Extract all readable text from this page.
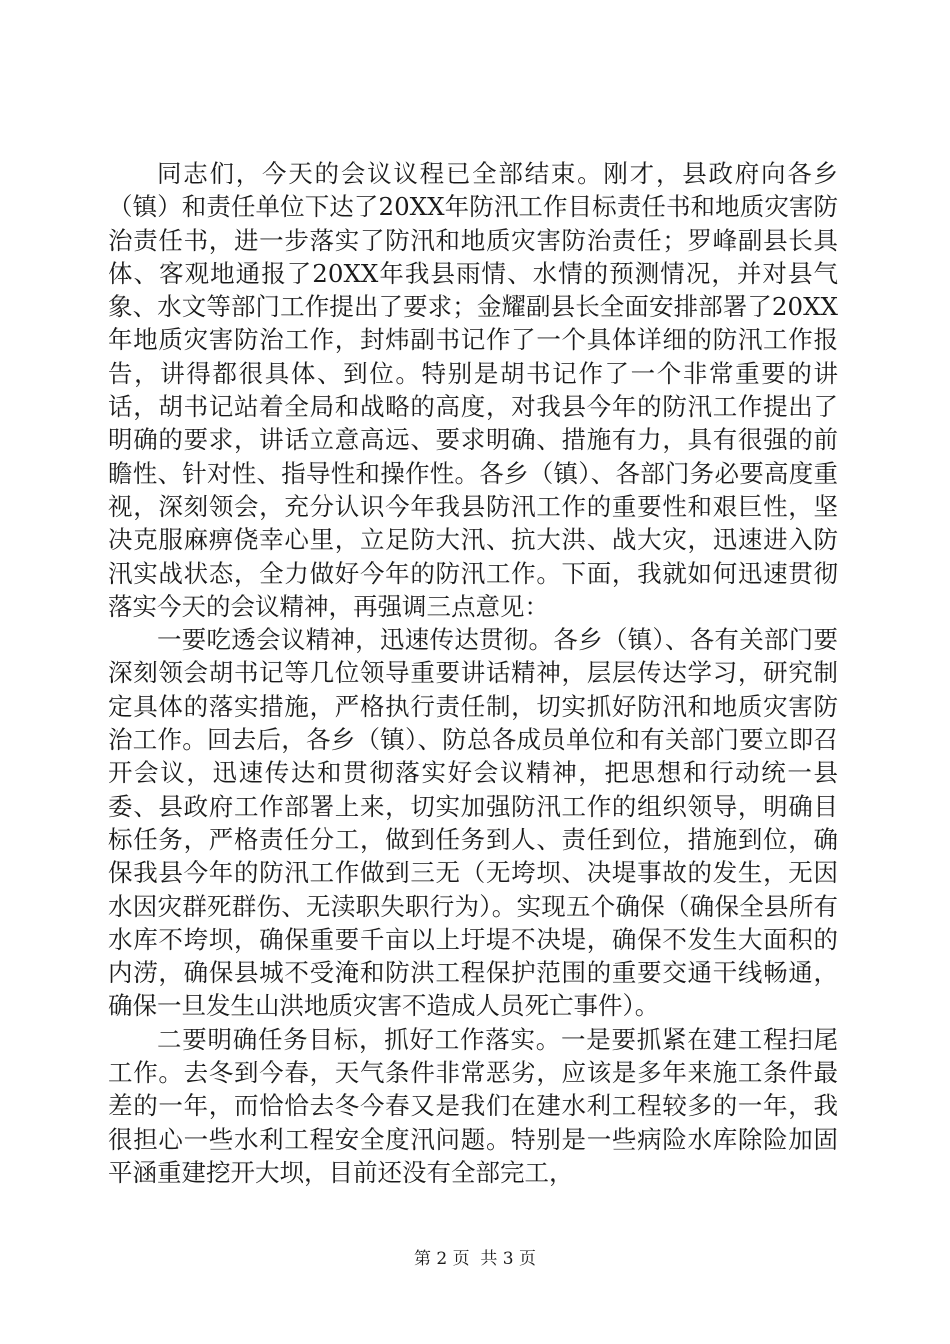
同志们，今天的会议议程已全部结束。刚才，县政府向各乡（镇）和责任单位下达了20XX年防汛工作目标责任书和地质灾害防治责任书，进一步落实了防汛和地质灾害防治责任；罗峰副县长具体、客观地通报了20XX年我县雨情、水情的预测情况，并对县气象、水文等部门工作提出了要求；金耀副县长全面安排部署了20XX年地质灾害防治工作，封炜副书记作了一个具体详细的防汛工作报告，讲得都很具体、到位。特别是胡书记作了一个非常重要的讲话，胡书记站着全局和战略的高度，对我县今年的防汛工作提出了明确的要求，讲话立意高远、要求明确、措施有力，具有很强的前瞻性、针对性、指导性和操作性。各乡（镇）、各部门务必要高度重视，深刻领会，充分认识今年我县防汛工作的重要性和艰巨性，坚决克服麻痹侥幸心里，立足防大汛、抗大洪、战大灾，迅速进入防汛实战状态，全力做好今年的防汛工作。下面，我就如何迅速贯彻落实今天的会议精神，再强调三点意见：

一要吃透会议精神，迅速传达贯彻。各乡（镇）、各有关部门要深刻领会胡书记等几位领导重要讲话精神，层层传达学习，研究制定具体的落实措施，严格执行责任制，切实抓好防汛和地质灾害防治工作。回去后，各乡（镇）、防总各成员单位和有关部门要立即召开会议，迅速传达和贯彻落实好会议精神，把思想和行动统一县委、县政府工作部署上来，切实加强防汛工作的组织领导，明确目标任务，严格责任分工，做到任务到人、责任到位，措施到位，确保我县今年的防汛工作做到三无（无垮坝、决堤事故的发生，无因水因灾群死群伤、无渎职失职行为）。实现五个确保（确保全县所有水库不垮坝，确保重要千亩以上圩堤不决堤，确保不发生大面积的内涝，确保县城不受淹和防洪工程保护范围的重要交通干线畅通，确保一旦发生山洪地质灾害不造成人员死亡事件）。

二要明确任务目标，抓好工作落实。一是要抓紧在建工程扫尾工作。去冬到今春，天气条件非常恶劣，应该是多年来施工条件最差的一年，而恰恰去冬今春又是我们在建水利工程较多的一年，我很担心一些水利工程安全度汛问题。特别是一些病险水库除险加固平涵重建挖开大坝，目前还没有全部完工，

第 2 页  共 3 页
